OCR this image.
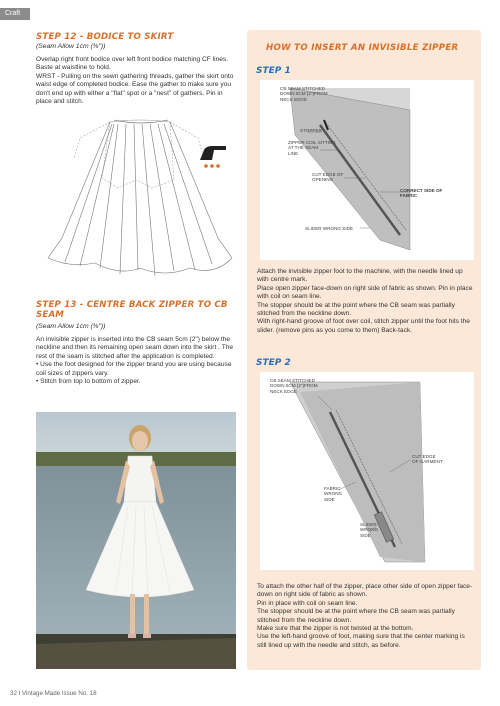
Craft
STEP 12 - BODICE TO SKIRT
(Seam Allow 1cm (⅜"))
Overlap right front bodice over left front bodice matching CF lines. Baste at waistline to hold.
WRST - Pulling on the sewn gathering threads, gather the skirt onto waist edge of completed bodice. Ease the gather to make sure you don't end up with either a "flat" spot or a "nest" of gathers. Pin in place and stitch.
STEP 13 - CENTRE BACK ZIPPER TO CB SEAM
(Seam Allow 1cm (⅜"))
An invisible zipper is inserted into the CB seam 5cm (2") below the neckline and then its remaining open seam down into the skirt . The rest of the seam is stitched after the application is completed.
• Use the foot designed for the zipper brand you are using because coil sizes of zippers vary.
• Stitch from top to bottom of zipper.
HOW TO INSERT AN INVISIBLE ZIPPER
STEP 1
CB SEAM STITCHED
DOWN 5CM (2")FROM
NECK EDGE
STOPPER
ZIPPER COIL SITTING
AT THE SEAM
LINE
CUT EDGE OF
OPENING
CORRECT SIDE OF
FABRIC
SLIDER WRONG SIDE
Attach the invisible zipper foot to the machine, with the needle lined up with centre mark.
Place open zipper face-down on right side of fabric as shown. Pin in place with coil on seam line.
The stopper should be at the point where the CB seam was partially stitched from the neckline down.
With right-hand groove of foot over coil, stitch zipper until the foot hits the slider. (remove pins as you come to them) Back-tack.
STEP 2
CB SEAM STITCHED
DOWN 5CM (2")FROM
NECK EDGE
CUT EDGE
OF GARMENT
FABRIC
WRONG
SIDE
SLIDER
WRONG
SIDE
To attach the other half of the zipper, place other side of open zipper face-down on right side of fabric as shown.
Pin in place with coil on seam line.
The stopper should be at the point where the CB seam was partially stitched from the neckline down.
Make sure that the zipper is not twisted at the bottom.
Use the left-hand groove of foot, making sure that the center marking is still lined up with the needle and stitch, as before.
32 I Vintage Made Issue No. 18
